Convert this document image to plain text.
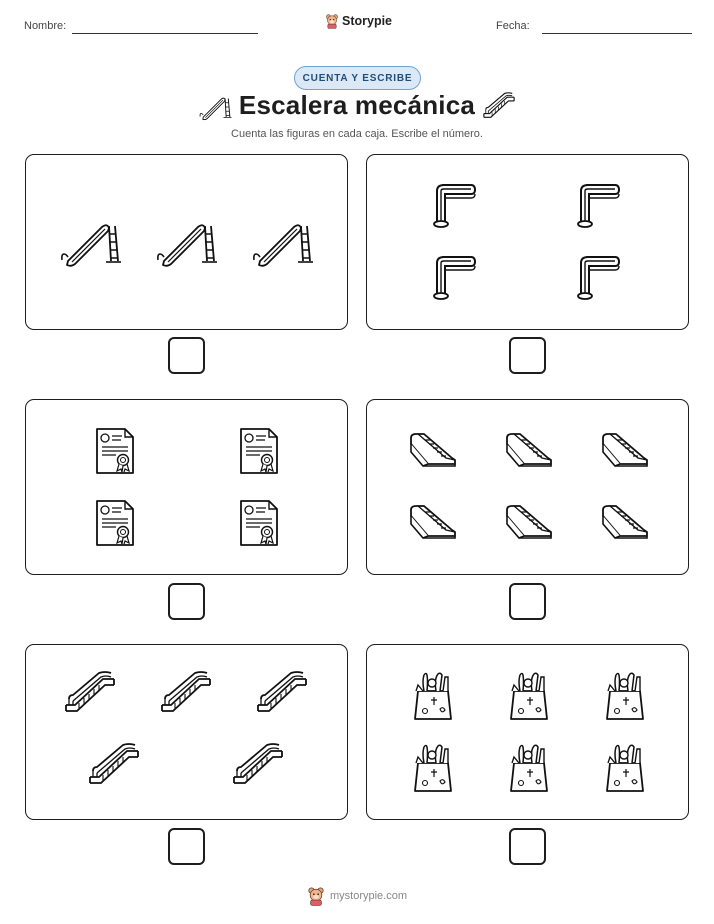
Nombre:	Storypie	Fecha:
CUENTA Y ESCRIBE
Escalera mecánica
Cuenta las figuras en cada caja. Escribe el número.
mystorypie.com
